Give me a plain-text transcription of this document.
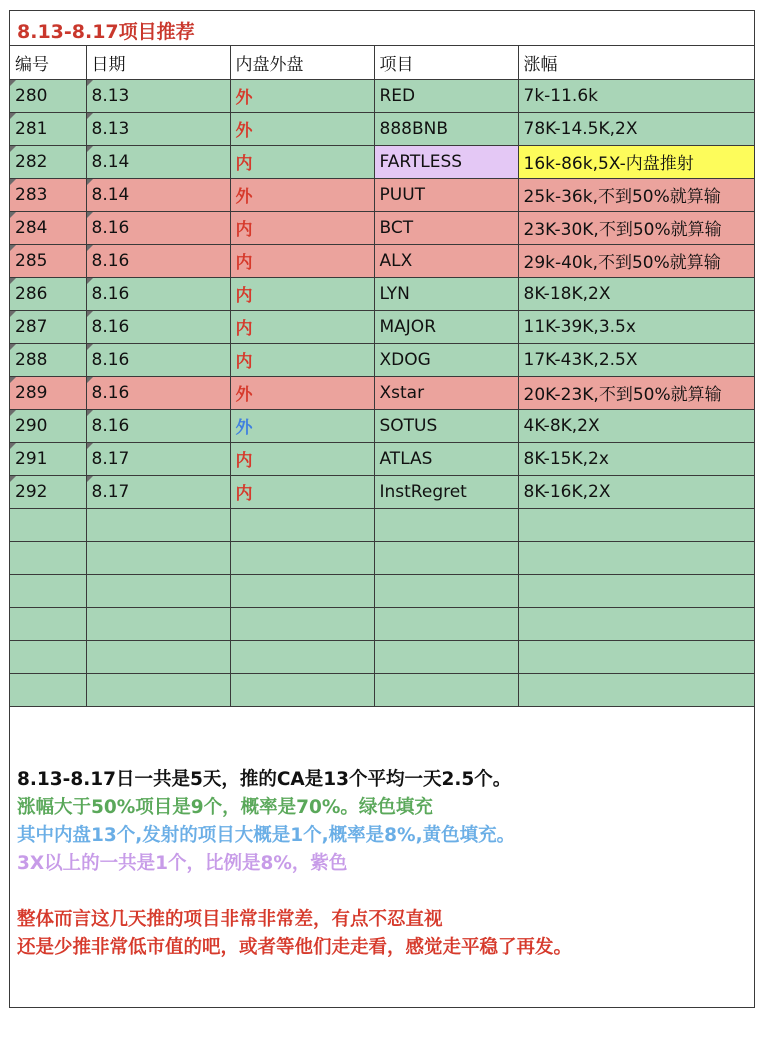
8.13-8.17项目推荐
编号	日期	内盘外盘	项目	涨幅
280	8.13	外	RED	7k-11.6k
281	8.13	外	888BNB	78K-14.5K,2X
282	8.14	内	FARTLESS	16k-86k,5X-内盘推射
283	8.14	外	PUUT	25k-36k,不到50%就算输
284	8.16	内	BCT	23K-30K,不到50%就算输
285	8.16	内	ALX	29k-40k,不到50%就算输
286	8.16	内	LYN	8K-18K,2X
287	8.16	内	MAJOR	11K-39K,3.5x
288	8.16	内	XDOG	17K-43K,2.5X
289	8.16	外	Xstar	20K-23K,不到50%就算输
290	8.16	外	SOTUS	4K-8K,2X
291	8.17	内	ATLAS	8K-15K,2x
292	8.17	内	InstRegret	8K-16K,2X

8.13-8.17日一共是5天，推的CA是13个平均一天2.5个。
涨幅大于50%项目是9个，概率是70%。绿色填充
其中内盘13个,发射的项目大概是1个,概率是8%,黄色填充。
3X以上的一共是1个，比例是8%，紫色
整体而言这几天推的项目非常非常差，有点不忍直视
还是少推非常低市值的吧，或者等他们走走看，感觉走平稳了再发。
